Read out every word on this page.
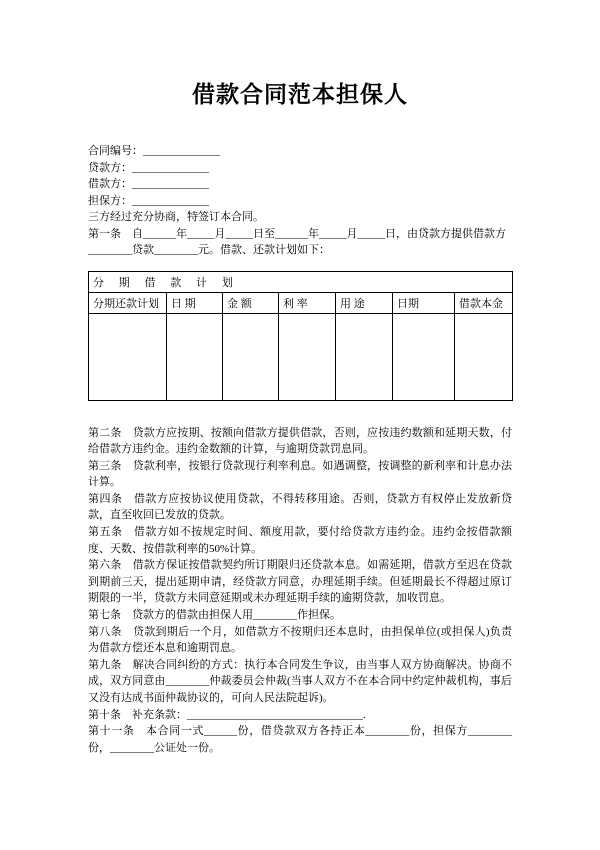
借款合同范本担保人
合同编号：______________
贷款方：______________
借款方：______________
担保方：______________

三方经过充分协商，特签订本合同。

第一条　自______年_____月_____日至______年_____月_____日，由贷款方提供借款方________贷款________元。借款、还款计划如下：

分 期 借 款 计 划						
分期还款计划	日 期	金 额	利 率	用 途	日期	借款本金

第二条　贷款方应按期、按额向借款方提供借款，否则，应按违约数额和延期天数，付给借款方违约金。违约金数额的计算，与逾期贷款罚息同。

第三条　贷款利率，按银行贷款现行利率利息。如遇调整，按调整的新利率和计息办法计算。

第四条　借款方应按协议使用贷款，不得转移用途。否则，贷款方有权停止发放新贷款，直至收回已发放的贷款。

第五条　借款方如不按规定时间、额度用款，要付给贷款方违约金。违约金按借款额度、天数、按借款利率的50%计算。

第六条　借款方保证按借款契约所订期限归还贷款本息。如需延期，借款方至迟在贷款到期前三天，提出延期申请，经贷款方同意，办理延期手续。但延期最长不得超过原订期限的一半，贷款方未同意延期或未办理延期手续的逾期贷款，加收罚息。

第七条　贷款方的借款由担保人用________作担保。

第八条　贷款到期后一个月，如借款方不按期归还本息时，由担保单位(或担保人)负责为借款方偿还本息和逾期罚息。

第九条　解决合同纠纷的方式：执行本合同发生争议，由当事人双方协商解决。协商不成，双方同意由________仲裁委员会仲裁(当事人双方不在本合同中约定仲裁机构，事后又没有达成书面仲裁协议的，可向人民法院起诉)。

第十条　补充条款：________________________________.

第十一条　本合同一式______份，借贷款双方各持正本________份，担保方________份，________公证处一份。
